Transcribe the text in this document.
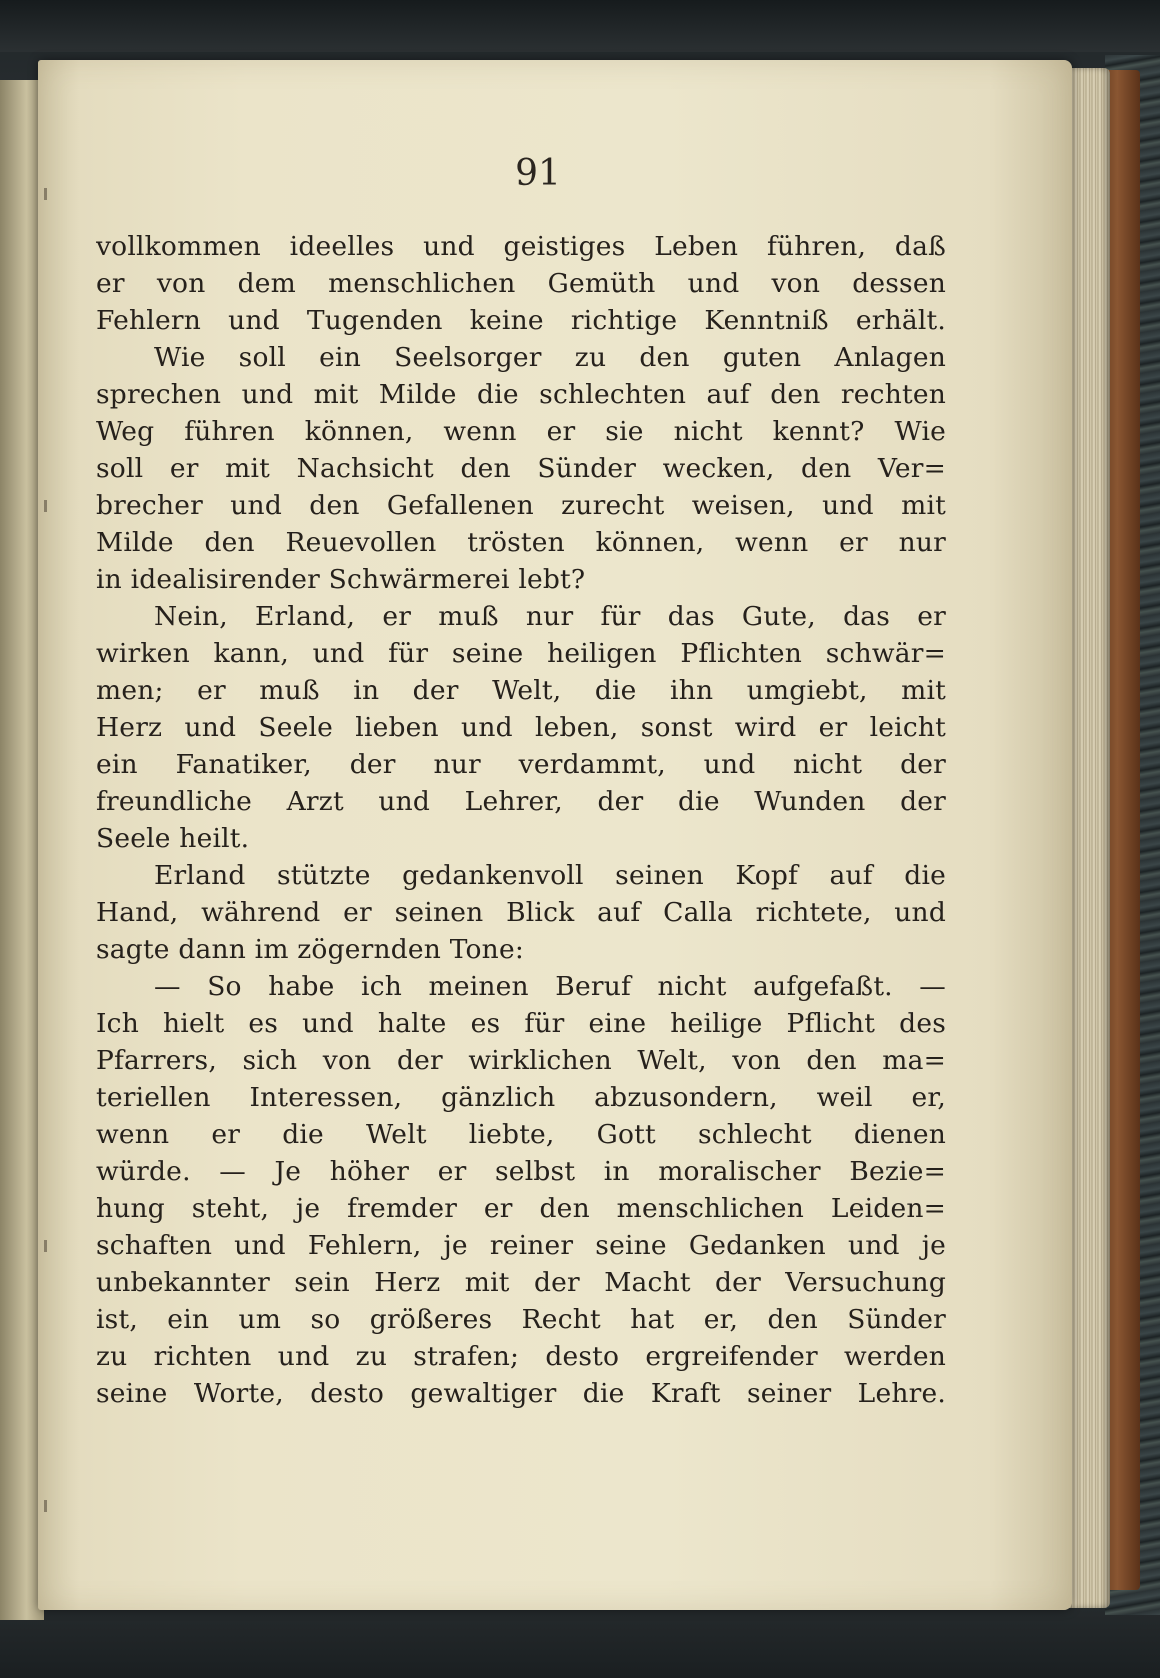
91

vollkommen ideelles und geistiges Leben führen, daß
er von dem menschlichen Gemüth und von dessen
Fehlern und Tugenden keine richtige Kenntniß erhält.
Wie soll ein Seelsorger zu den guten Anlagen
sprechen und mit Milde die schlechten auf den rechten
Weg führen können, wenn er sie nicht kennt? Wie
soll er mit Nachsicht den Sünder wecken, den Ver=
brecher und den Gefallenen zurecht weisen, und mit
Milde den Reuevollen trösten können, wenn er nur
in idealisirender Schwärmerei lebt?
Nein, Erland, er muß nur für das Gute, das er
wirken kann, und für seine heiligen Pflichten schwär=
men; er muß in der Welt, die ihn umgiebt, mit
Herz und Seele lieben und leben, sonst wird er leicht
ein Fanatiker, der nur verdammt, und nicht der
freundliche Arzt und Lehrer, der die Wunden der
Seele heilt.
Erland stützte gedankenvoll seinen Kopf auf die
Hand, während er seinen Blick auf Calla richtete, und
sagte dann im zögernden Tone:
— So habe ich meinen Beruf nicht aufgefaßt. —
Ich hielt es und halte es für eine heilige Pflicht des
Pfarrers, sich von der wirklichen Welt, von den ma=
teriellen Interessen, gänzlich abzusondern, weil er,
wenn er die Welt liebte, Gott schlecht dienen
würde. — Je höher er selbst in moralischer Bezie=
hung steht, je fremder er den menschlichen Leiden=
schaften und Fehlern, je reiner seine Gedanken und je
unbekannter sein Herz mit der Macht der Versuchung
ist, ein um so größeres Recht hat er, den Sünder
zu richten und zu strafen; desto ergreifender werden
seine Worte, desto gewaltiger die Kraft seiner Lehre.
